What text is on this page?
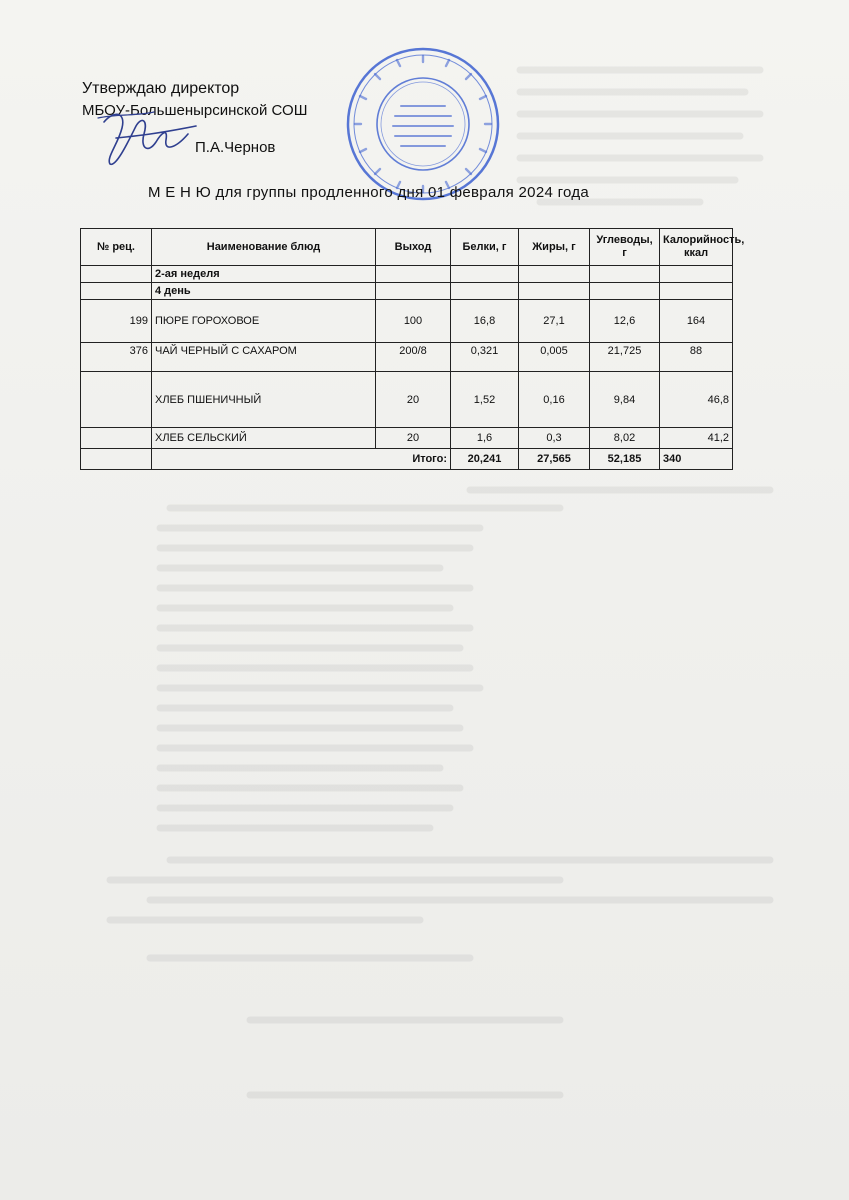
Утверждаю директор
МБОУ-Большенырсинской СОШ
П.А.Чернов
М Е Н Ю для группы продленного дня 01 февраля 2024 года
№ рец.	Наименование блюд	Выход	Белки, г	Жиры, г	Углеводы, г	Калорийность, ккал
	2-ая неделя					
	4 день					
199	ПЮРЕ ГОРОХОВОЕ	100	16,8	27,1	12,6	164
376	ЧАЙ ЧЕРНЫЙ С САХАРОМ	200/8	0,321	0,005	21,725	88
	ХЛЕБ ПШЕНИЧНЫЙ	20	1,52	0,16	9,84	46,8
	ХЛЕБ СЕЛЬСКИЙ	20	1,6	0,3	8,02	41,2
	Итого:		20,241	27,565	52,185	340
